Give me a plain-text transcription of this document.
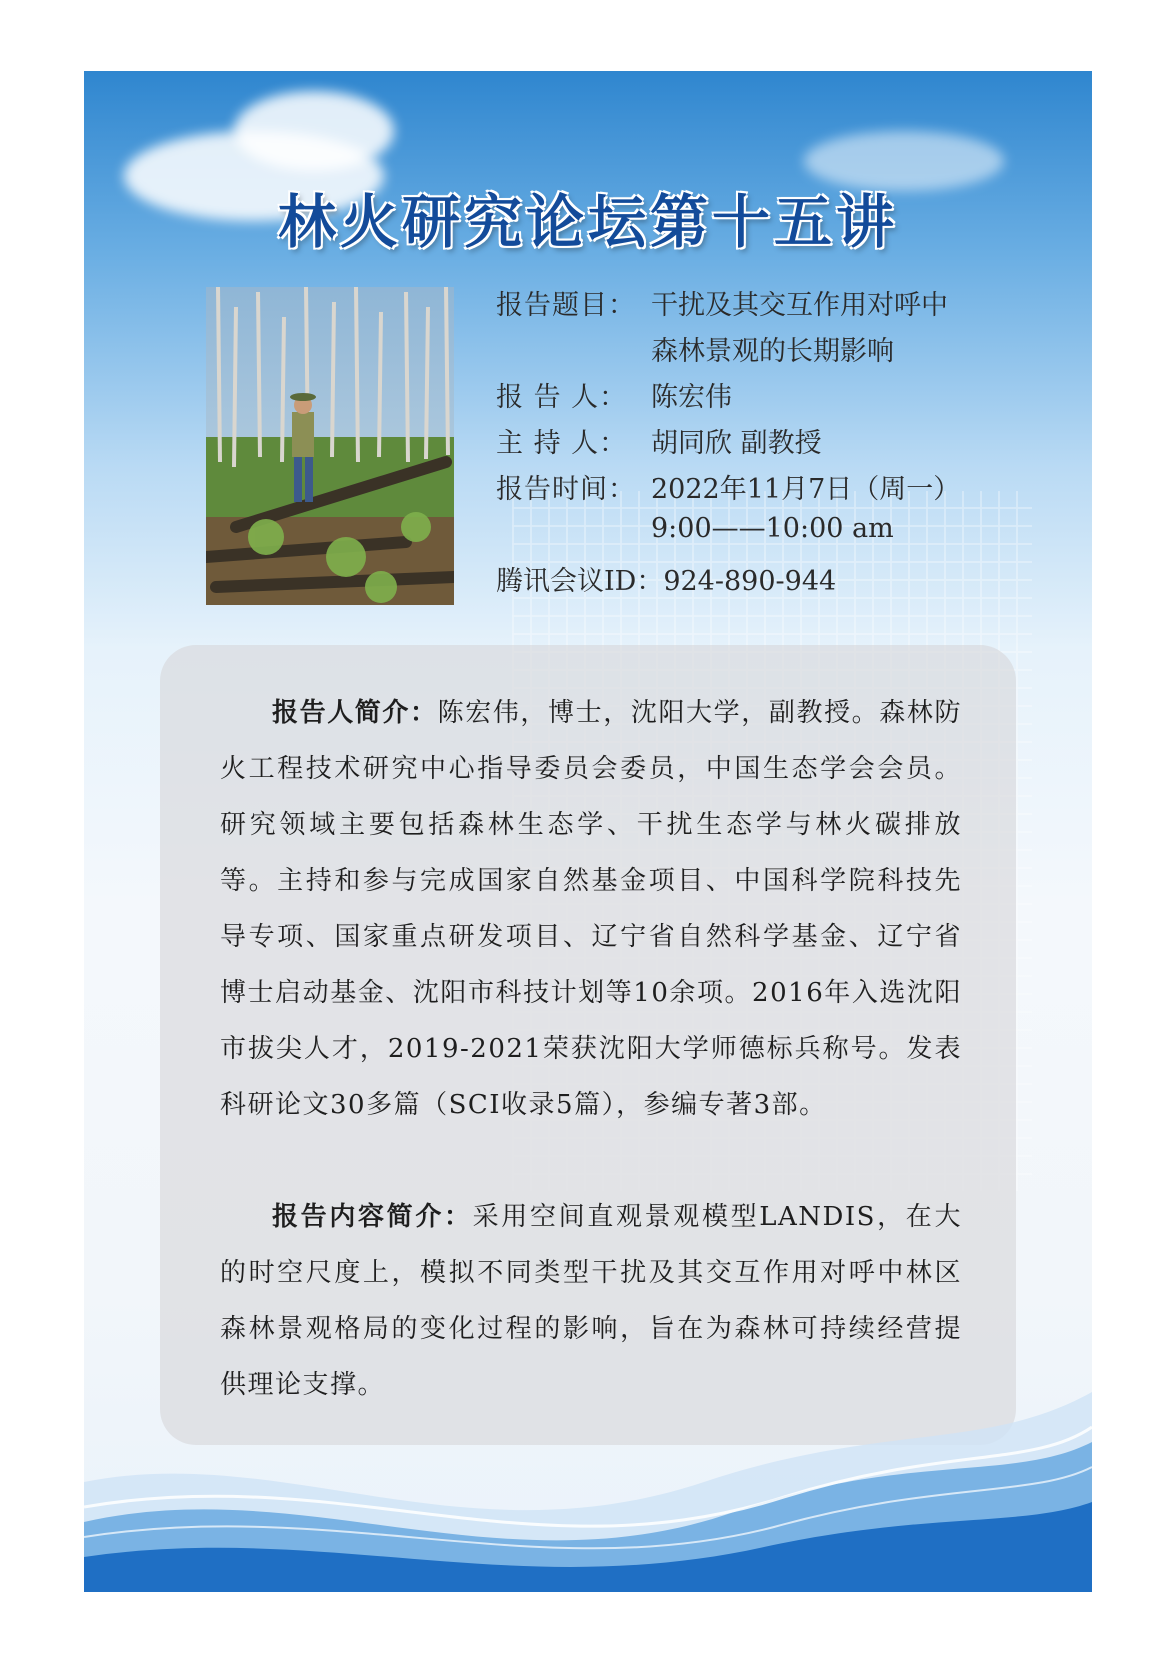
林火研究论坛第十五讲
报告题目： 干扰及其交互作用对呼中
森林景观的长期影响
报 告 人： 陈宏伟
主 持 人： 胡同欣 副教授
报告时间： 2022年11月7日（周一）
9:00——10:00 am
腾讯会议ID：924-890-944

报告人简介：陈宏伟，博士，沈阳大学，副教授。森林防火工程技术研究中心指导委员会委员，中国生态学会会员。研究领域主要包括森林生态学、干扰生态学与林火碳排放等。主持和参与完成国家自然基金项目、中国科学院科技先导专项、国家重点研发项目、辽宁省自然科学基金、辽宁省博士启动基金、沈阳市科技计划等10余项。2016年入选沈阳市拔尖人才，2019-2021荣获沈阳大学师德标兵称号。发表科研论文30多篇（SCI收录5篇），参编专著3部。

报告内容简介：采用空间直观景观模型LANDIS，在大的时空尺度上，模拟不同类型干扰及其交互作用对呼中林区森林景观格局的变化过程的影响，旨在为森林可持续经营提供理论支撑。
